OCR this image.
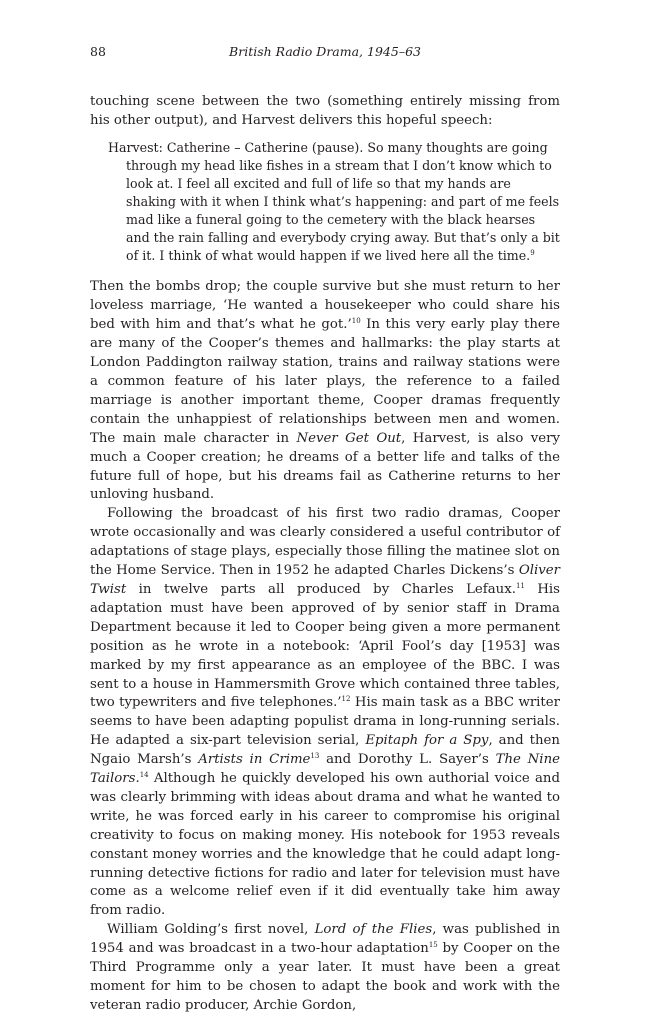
88	British Radio Drama, 1945–63

touching scene between the two (something entirely missing from his other output), and Harvest delivers this hopeful speech:

Harvest: Catherine – Catherine (pause). So many thoughts are going through my head like fishes in a stream that I don’t know which to look at. I feel all excited and full of life so that my hands are shaking with it when I think what’s happening: and part of me feels mad like a funeral going to the cemetery with the black hearses and the rain falling and everybody crying away. But that’s only a bit of it. I think of what would happen if we lived here all the time.$^9$

Then the bombs drop; the couple survive but she must return to her loveless marriage, ‘He wanted a housekeeper who could share his bed with him and that’s what he got.’$^{10}$ In this very early play there are many of the Cooper’s themes and hallmarks: the play starts at London Paddington railway station, trains and railway stations were a common feature of his later plays, the reference to a failed marriage is another important theme, Cooper dramas frequently contain the unhappiest of relationships between men and women. The main male character in Never Get Out, Harvest, is also very much a Cooper creation; he dreams of a better life and talks of the future full of hope, but his dreams fail as Catherine returns to her unloving husband.

Following the broadcast of his first two radio dramas, Cooper wrote occasionally and was clearly considered a useful contributor of adaptations of stage plays, especially those filling the matinee slot on the Home Service. Then in 1952 he adapted Charles Dickens’s Oliver Twist in twelve parts all produced by Charles Lefaux.$^{11}$ His adaptation must have been approved of by senior staff in Drama Department because it led to Cooper being given a more permanent position as he wrote in a notebook: ‘April Fool’s day [1953] was marked by my first appearance as an employee of the BBC. I was sent to a house in Hammersmith Grove which contained three tables, two typewriters and five telephones.’$^{12}$ His main task as a BBC writer seems to have been adapting populist drama in long-running serials. He adapted a six-part television serial, Epitaph for a Spy, and then Ngaio Marsh’s Artists in Crime$^{13}$ and Dorothy L. Sayer’s The Nine Tailors.$^{14}$ Although he quickly developed his own authorial voice and was clearly brimming with ideas about drama and what he wanted to write, he was forced early in his career to compromise his original creativity to focus on making money. His notebook for 1953 reveals constant money worries and the knowledge that he could adapt long-running detective fictions for radio and later for television must have come as a welcome relief even if it did eventually take him away from radio.

William Golding’s first novel, Lord of the Flies, was published in 1954 and was broadcast in a two-hour adaptation$^{15}$ by Cooper on the Third Programme only a year later. It must have been a great moment for him to be chosen to adapt the book and work with the veteran radio producer, Archie Gordon,
